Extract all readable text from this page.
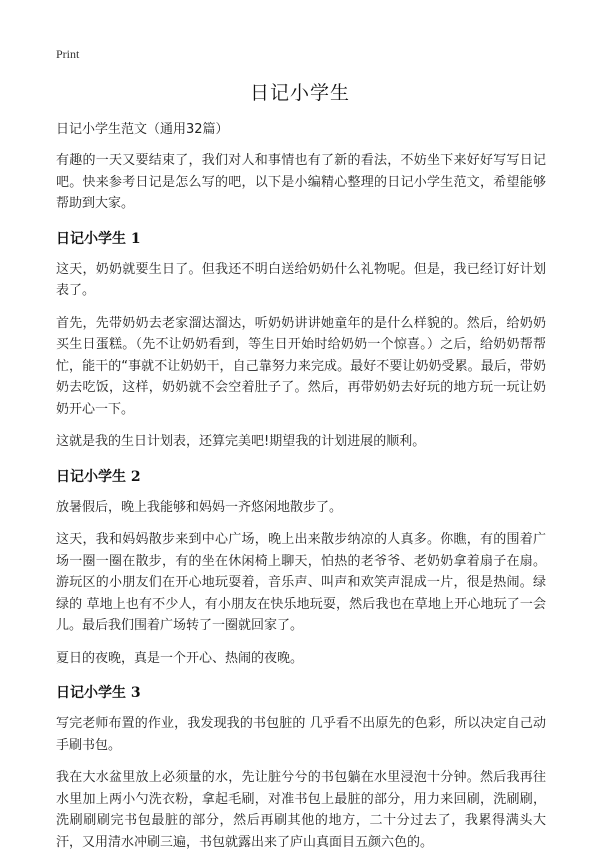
Print
日记小学生
日记小学生范文（通用32篇）

有趣的一天又要结束了，我们对人和事情也有了新的看法，不妨坐下来好好写写日记吧。快来参考日记是怎么写的吧，以下是小编精心整理的日记小学生范文，希望能够帮助到大家。

日记小学生 1

这天，奶奶就要生日了。但我还不明白送给奶奶什么礼物呢。但是，我已经订好计划表了。

首先，先带奶奶去老家溜达溜达，听奶奶讲讲她童年的是什么样貌的。然后，给奶奶买生日蛋糕。（先不让奶奶看到，等生日开始时给奶奶一个惊喜。）之后，给奶奶帮帮忙，能干的“事就不让奶奶干，自己靠努力来完成。最好不要让奶奶受累。最后，带奶奶去吃饭，这样，奶奶就不会空着肚子了。然后，再带奶奶去好玩的地方玩一玩让奶奶开心一下。

这就是我的生日计划表，还算完美吧!期望我的计划进展的顺利。

日记小学生 2

放暑假后，晚上我能够和妈妈一齐悠闲地散步了。

这天，我和妈妈散步来到中心广场，晚上出来散步纳凉的人真多。你瞧，有的围着广场一圈一圈在散步，有的坐在休闲椅上聊天，怕热的老爷爷、老奶奶拿着扇子在扇。游玩区的小朋友们在开心地玩耍着，音乐声、叫声和欢笑声混成一片，很是热闹。绿绿的 草地上也有不少人，有小朋友在快乐地玩耍，然后我也在草地上开心地玩了一会儿。最后我们围着广场转了一圈就回家了。

夏日的夜晚，真是一个开心、热闹的夜晚。

日记小学生 3

写完老师布置的作业，我发现我的书包脏的 几乎看不出原先的色彩，所以决定自己动手刷书包。

我在大水盆里放上必须量的水，先让脏兮兮的书包躺在水里浸泡十分钟。然后我再往水里加上两小勺洗衣粉，拿起毛刷，对准书包上最脏的部分，用力来回刷，洗刷刷，洗刷刷刷完书包最脏的部分，然后再刷其他的地方，二十分过去了，我累得满头大汗，又用清水冲刷三遍，书包就露出来了庐山真面目五颜六色的。
